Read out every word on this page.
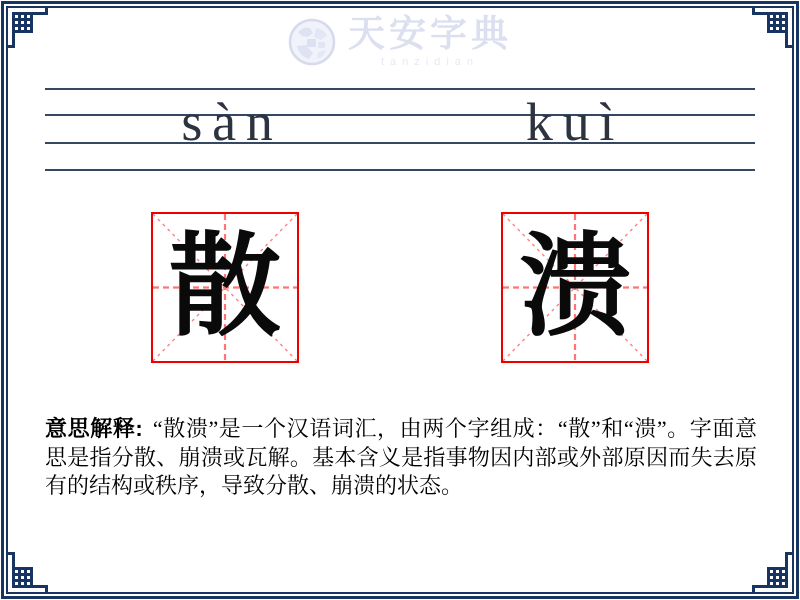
天安字典
tanzidian
sàn	kuì
散 溃
意思解释: “散溃”是一个汉语词汇，由两个字组成：“散”和“溃”。字面意思是指分散、崩溃或瓦解。基本含义是指事物因内部或外部原因而失去原有的结构或秩序，导致分散、崩溃的状态。
